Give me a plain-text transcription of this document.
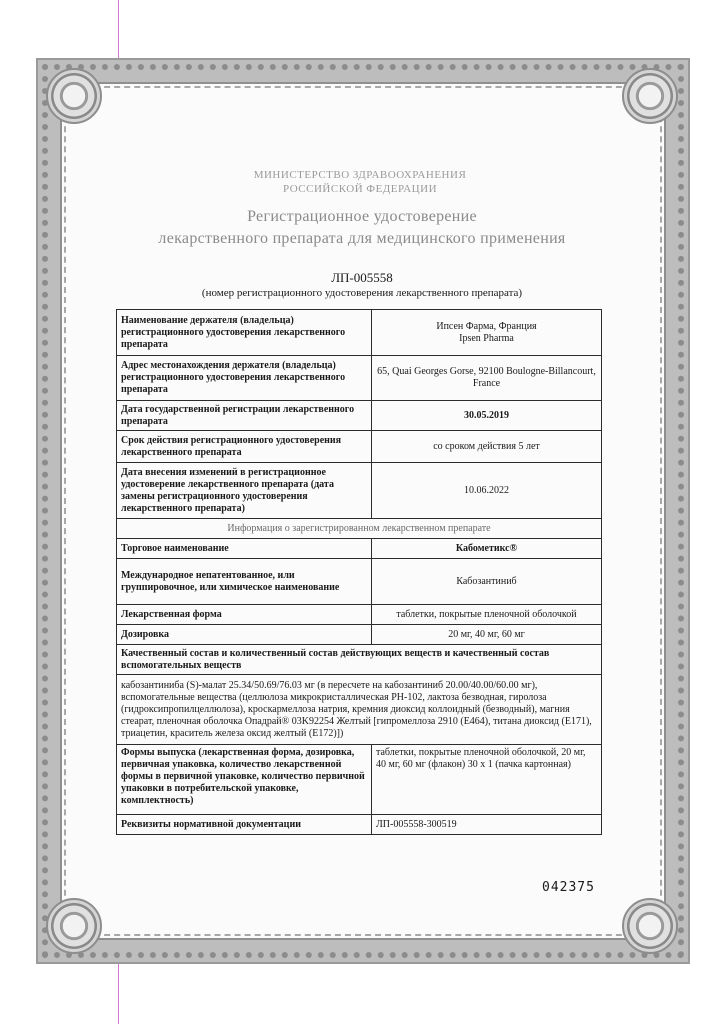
МИНИСТЕРСТВО ЗДРАВООХРАНЕНИЯ
РОССИЙСКОЙ ФЕДЕРАЦИИ
Регистрационное удостоверение
лекарственного препарата для медицинского применения
ЛП-005558
(номер регистрационного удостоверения лекарственного препарата)
Наименование держателя (владельца) регистрационного удостоверения лекарственного препарата	Ипсен Фарма, Франция
Ipsen Pharma

Адрес местонахождения держателя (владельца) регистрационного удостоверения лекарственного препарата	65, Quai Georges Gorse, 92100 Boulogne-Billancourt, France
Дата государственной регистрации лекарственного препарата	30.05.2019
Срок действия регистрационного удостоверения лекарственного препарата	со сроком действия 5 лет
Дата внесения изменений в регистрационное удостоверение лекарственного препарата (дата замены регистрационного удостоверения лекарственного препарата)	10.06.2022
Информация о зарегистрированном лекарственном препарате	
Торговое наименование	Кабометикс®
Международное непатентованное, или группировочное, или химическое наименование	Кабозантиниб
Лекарственная форма	таблетки, покрытые пленочной оболочкой
Дозировка	20 мг, 40 мг, 60 мг
Качественный состав и количественный состав действующих веществ и качественный состав вспомогательных веществ	
кабозантиниба (S)-малат 25.34/50.69/76.03 мг (в пересчете на кабозантиниб 20.00/40.00/60.00 мг), вспомогательные вещества (целлюлоза микрокристаллическая PH-102, лактоза безводная, гиролоза (гидроксипропилцеллюлоза), кроскармеллоза натрия, кремния диоксид коллоидный (безводный), магния стеарат, пленочная оболочка Опадрай® 03K92254 Желтый [гипромеллоза 2910 (E464), титана диоксид (E171), триацетин, краситель железа оксид желтый (E172)])	
Формы выпуска (лекарственная форма, дозировка, первичная упаковка, количество лекарственной формы в первичной упаковке, количество первичной упаковки в потребительской упаковке, комплектность)	таблетки, покрытые пленочной оболочкой, 20 мг, 40 мг, 60 мг (флакон) 30 х 1 (пачка картонная)
Реквизиты нормативной документации	ЛП-005558-300519
042375
